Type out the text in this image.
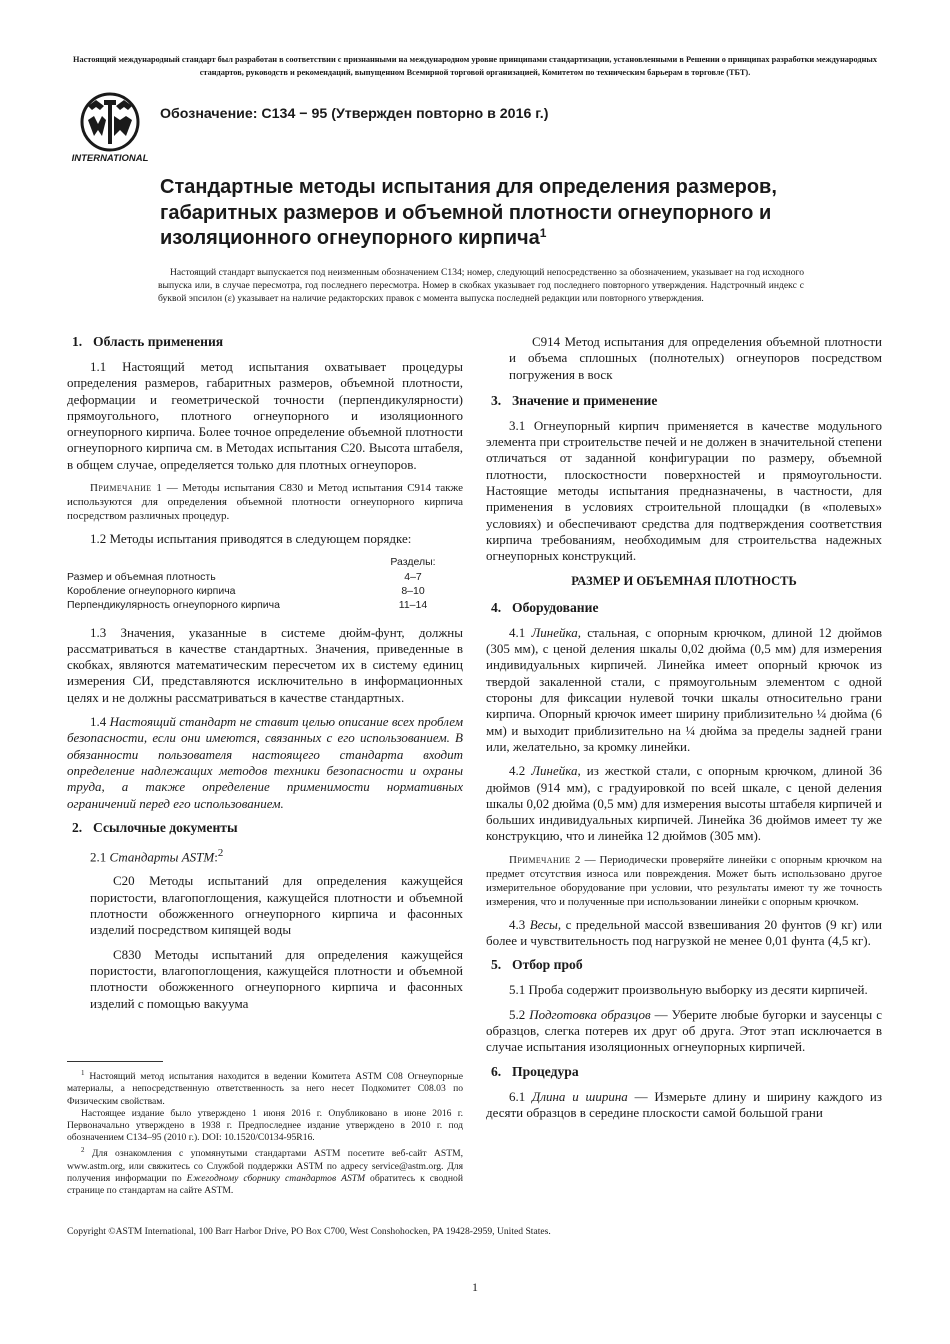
Настоящий международный стандарт был разработан в соответствии с признанными на международном уровне принципами стандартизации, установленными в Решении о принципах разработки международных стандартов, руководств и рекомендаций, выпущенном Всемирной торговой организацией, Комитетом по техническим барьерам в торговле (ТБТ).
INTERNATIONAL
Обозначение: C134 − 95 (Утвержден повторно в 2016 г.)
Стандартные методы испытания для определения размеров, габаритных размеров и объемной плотности огнеупорного и изоляционного огнеупорного кирпича$^1$

Настоящий стандарт выпускается под неизменным обозначением C134; номер, следующий непосредственно за обозначением, указывает на год исходного выпуска или, в случае пересмотра, год последнего пересмотра. Номер в скобках указывает год последнего повторного утверждения. Надстрочный индекс с буквой эпсилон (ε) указывает на наличие редакторских правок с момента выпуска последней редакции или повторного утверждения.

1. Область применения

1.1 Настоящий метод испытания охватывает процедуры определения размеров, габаритных размеров, объемной плотности, деформации и геометрической точности (перпендикулярности) прямоугольного, плотного огнеупорного и изоляционного огнеупорного кирпича. Более точное определение объемной плотности огнеупорного кирпича см. в Методах испытания C20. Высота штабеля, в общем случае, определяется только для плотных огнеупоров.

Примечание 1 — Методы испытания C830 и Метод испытания C914 также используются для определения объемной плотности огнеупорного кирпича посредством различных процедур.

1.2 Методы испытания приводятся в следующем порядке:

	Разделы:
Размер и объемная плотность	4–7
Коробление огнеупорного кирпича	8–10
Перпендикулярность огнеупорного кирпича	11–14

1.3 Значения, указанные в системе дюйм-фунт, должны рассматриваться в качестве стандартных. Значения, приведенные в скобках, являются математическим пересчетом их в систему единиц измерения СИ, представляются исключительно в информационных целях и не должны рассматриваться в качестве стандартных.

1.4 Настоящий стандарт не ставит целью описание всех проблем безопасности, если они имеются, связанных с его использованием. В обязанности пользователя настоящего стандарта входит определение надлежащих методов техники безопасности и охраны труда, а также определение применимости нормативных ограничений перед его использованием.

2. Ссылочные документы

2.1 Стандарты ASTM:$^2$

C20 Методы испытаний для определения кажущейся пористости, влагопоглощения, кажущейся плотности и объемной плотности обожженного огнеупорного кирпича и фасонных изделий посредством кипящей воды

C830 Методы испытаний для определения кажущейся пористости, влагопоглощения, кажущейся плотности и объемной плотности обожженного огнеупорного кирпича и фасонных изделий с помощью вакуума

C914 Метод испытания для определения объемной плотности и объема сплошных (полнотелых) огнеупоров посредством погружения в воск

3. Значение и применение

3.1 Огнеупорный кирпич применяется в качестве модульного элемента при строительстве печей и не должен в значительной степени отличаться от заданной конфигурации по размеру, объемной плотности, плоскостности поверхностей и прямоугольности. Настоящие методы испытания предназначены, в частности, для применения в условиях строительной площадки (в «полевых» условиях) и обеспечивают средства для подтверждения соответствия кирпича требованиям, необходимым для строительства надежных огнеупорных конструкций.

РАЗМЕР И ОБЪЕМНАЯ ПЛОТНОСТЬ
4. Оборудование

4.1 Линейка, стальная, с опорным крючком, длиной 12 дюймов (305 мм), с ценой деления шкалы 0,02 дюйма (0,5 мм) для измерения индивидуальных кирпичей. Линейка имеет опорный крючок из твердой закаленной стали, с прямоугольным элементом с одной стороны для фиксации нулевой точки шкалы относительно грани кирпича. Опорный крючок имеет ширину приблизительно ¼ дюйма (6 мм) и выходит приблизительно на ¼ дюйма за пределы задней грани или, желательно, за кромку линейки.

4.2 Линейка, из жесткой стали, с опорным крючком, длиной 36 дюймов (914 мм), с градуировкой по всей шкале, с ценой деления шкалы 0,02 дюйма (0,5 мм) для измерения высоты штабеля кирпичей и больших индивидуальных кирпичей. Линейка 36 дюймов имеет ту же конструкцию, что и линейка 12 дюймов (305 мм).

Примечание 2 — Периодически проверяйте линейки с опорным крючком на предмет отсутствия износа или повреждения. Может быть использовано другое измерительное оборудование при условии, что результаты имеют ту же точность измерения, что и полученные при использовании линейки с опорным крючком.

4.3 Весы, с предельной массой взвешивания 20 фунтов (9 кг) или более и чувствительность под нагрузкой не менее 0,01 фунта (4,5 кг).

5. Отбор проб

5.1 Проба содержит произвольную выборку из десяти кирпичей.

5.2 Подготовка образцов — Уберите любые бугорки и заусенцы с образцов, слегка потерев их друг об друга. Этот этап исключается в случае испытания изоляционных огнеупорных кирпичей.

6. Процедура

6.1 Длина и ширина — Измерьте длину и ширину каждого из десяти образцов в середине плоскости самой большой грани

$^1$ Настоящий метод испытания находится в ведении Комитета ASTM C08 Огнеупорные материалы, а непосредственную ответственность за него несет Подкомитет C08.03 по Физическим свойствам.

Настоящее издание было утверждено 1 июня 2016 г. Опубликовано в июне 2016 г. Первоначально утверждено в 1938 г. Предпоследнее издание утверждено в 2010 г. под обозначением C134–95 (2010 г.). DOI: 10.1520/C0134-95R16.

$^2$ Для ознакомления с упомянутыми стандартами ASTM посетите веб-сайт ASTM, www.astm.org, или свяжитесь со Службой поддержки ASTM по адресу service@astm.org. Для получения информации по Ежегодному сборнику стандартов ASTM обратитесь к сводной странице по стандартам на сайте ASTM.

Copyright ©ASTM International, 100 Barr Harbor Drive, PO Box C700, West Conshohocken, PA 19428-2959, United States.
1
